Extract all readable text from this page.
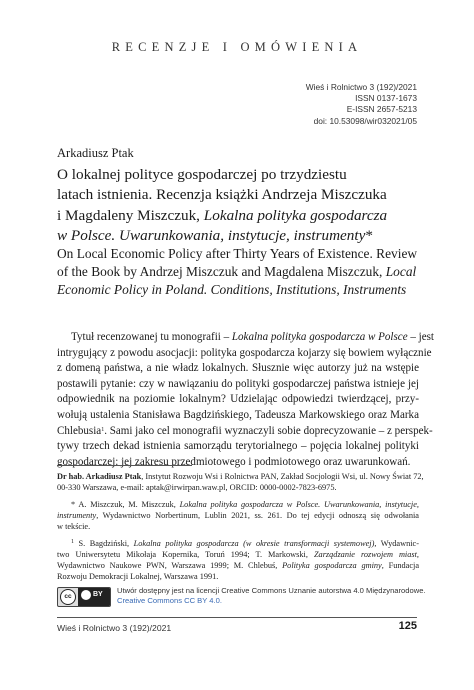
RECENZJE I OMÓWIENIA
Wieś i Rolnictwo 3 (192)/2021
ISSN 0137-1673
E-ISSN 2657-5213
doi: 10.53098/wir032021/05
Arkadiusz Ptak
O lokalnej polityce gospodarczej po trzydziestu
latach istnienia. Recenzja książki Andrzeja Miszczuka
i Magdaleny Miszczuk, Lokalna polityka gospodarcza
w Polsce. Uwarunkowania, instytucje, instrumenty*
On Local Economic Policy after Thirty Years of Existence. Review
of the Book by Andrzej Miszczuk and Magdalena Miszczuk, Local
Economic Policy in Poland. Conditions, Institutions, Instruments
Tytuł recenzowanej tu monografii – Lokalna polityka gospodarcza w Polsce – jest
intrygujący z powodu asocjacji: polityka gospodarcza kojarzy się bowiem wyłącznie
z domeną państwa, a nie władz lokalnych. Słusznie więc autorzy już na wstępie
postawili pytanie: czy w nawiązaniu do polityki gospodarczej państwa istnieje jej
odpowiednik na poziomie lokalnym? Udzielając odpowiedzi twierdzącej, przy-
wołują ustalenia Stanisława Bagdzińskiego, Tadeusza Markowskiego oraz Marka
Chlebusia$^1$. Sami jako cel monografii wyznaczyli sobie doprecyzowanie – z perspek-
tywy trzech dekad istnienia samorządu terytorialnego – pojęcia lokalnej polityki
gospodarczej: jej zakresu przedmiotowego i podmiotowego oraz uwarunkowań.
Dr hab. Arkadiusz Ptak, Instytut Rozwoju Wsi i Rolnictwa PAN, Zakład Socjologii Wsi, ul. Nowy Świat 72,
00-330 Warszawa, e-mail: aptak@irwirpan.waw.pl, ORCID: 0000-0002-7823-6975.
* A. Miszczuk, M. Miszczuk, Lokalna polityka gospodarcza w Polsce. Uwarunkowania, instytucje,
instrumenty, Wydawnictwo Norbertinum, Lublin 2021, ss. 261. Do tej edycji odnoszą się odwołania
w tekście.
$^1$ S. Bagdziński, Lokalna polityka gospodarcza (w okresie transformacji systemowej), Wydawnic-
two Uniwersytetu Mikołaja Kopernika, Toruń 1994; T. Markowski, Zarządzanie rozwojem miast,
Wydawnictwo Naukowe PWN, Warszawa 1999; M. Chlebuś, Polityka gospodarcza gminy, Fundacja
Rozwoju Demokracji Lokalnej, Warszawa 1991.
cc	BY Utwór dostępny jest na licencji Creative Commons Uznanie autorstwa 4.0 Międzynarodowe.
Creative Commons CC BY 4.0.
Wieś i Rolnictwo 3 (192)/2021	125
